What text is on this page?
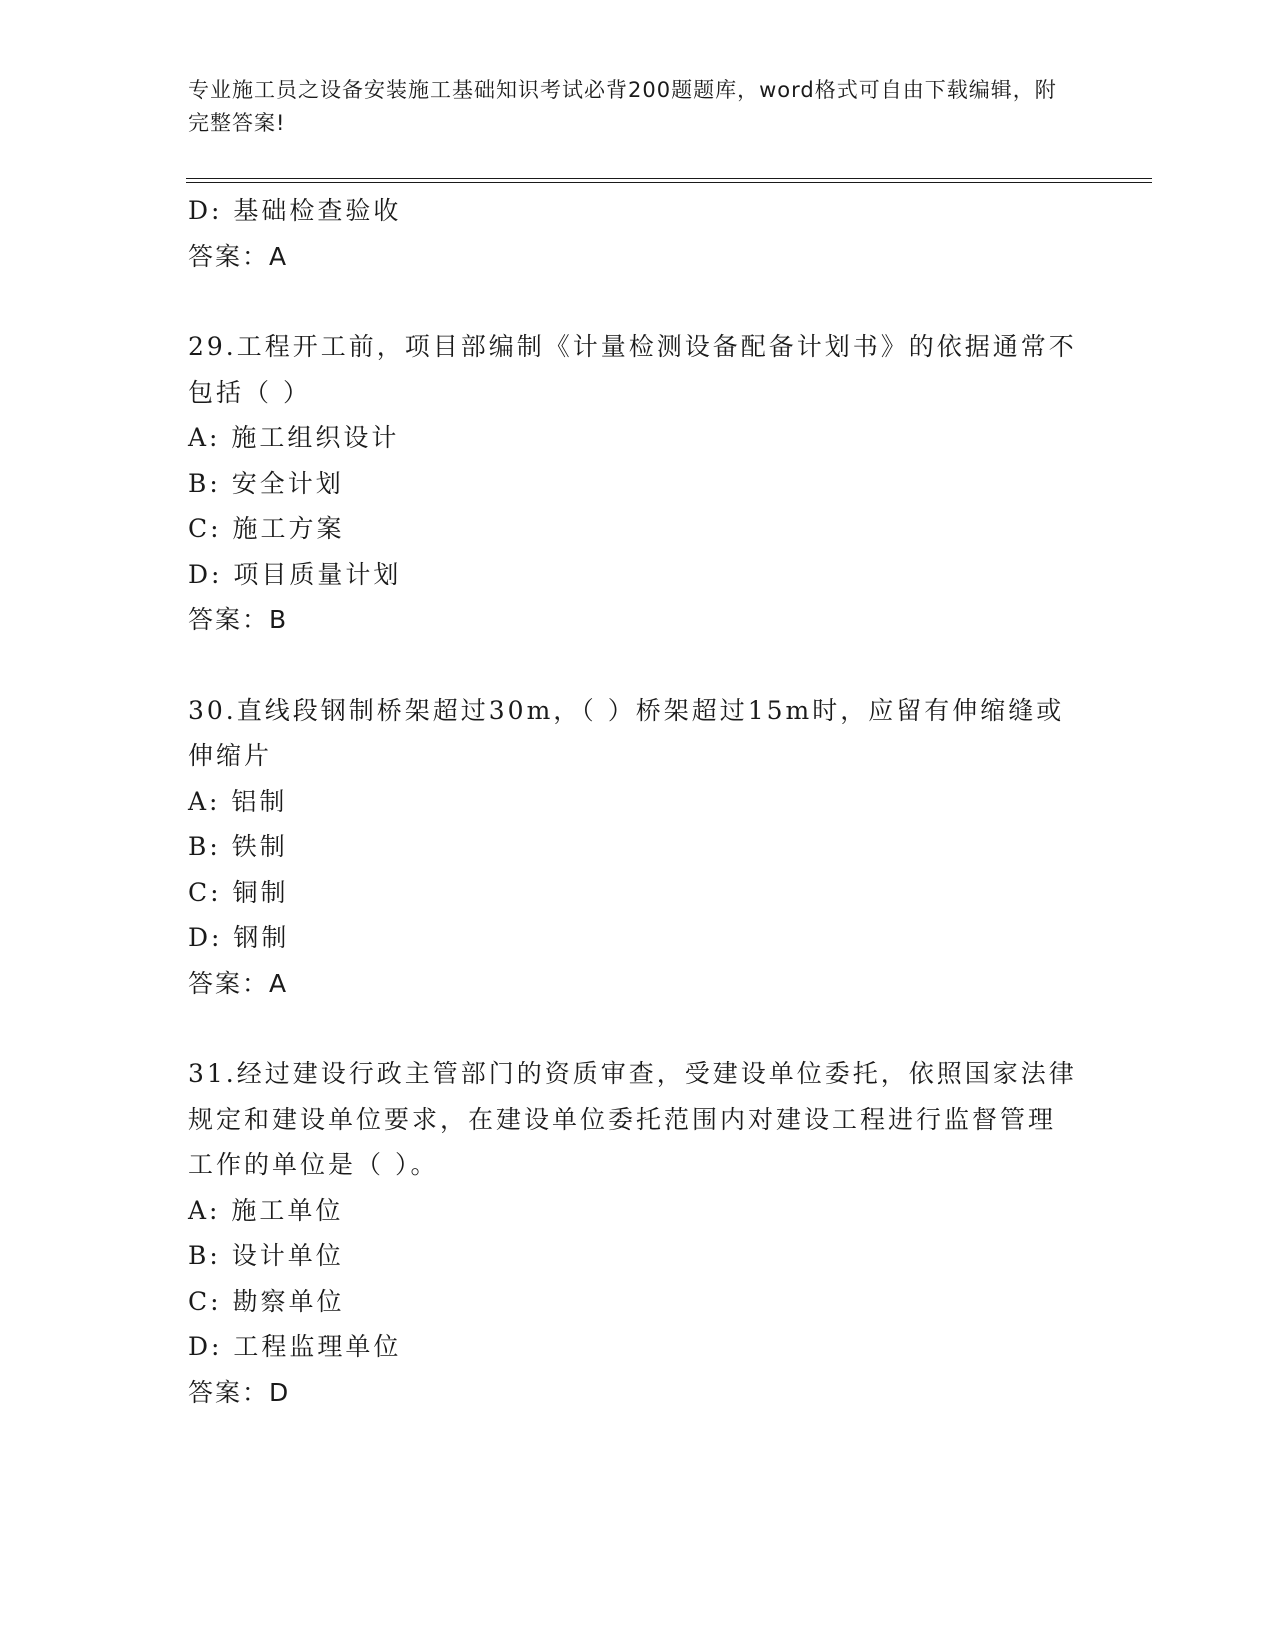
专业施工员之设备安装施工基础知识考试必背200题题库，word格式可自由下载编辑，附完整答案!
D: 基础检查验收
答案：A
29.工程开工前，项目部编制《计量检测设备配备计划书》的依据通常不包括（ ）
A: 施工组织设计
B: 安全计划
C: 施工方案
D: 项目质量计划
答案：B
30.直线段钢制桥架超过30m，（ ）桥架超过15m时，应留有伸缩缝或伸缩片
A: 铝制
B: 铁制
C: 铜制
D: 钢制
答案：A
31.经过建设行政主管部门的资质审查，受建设单位委托，依照国家法律规定和建设单位要求，在建设单位委托范围内对建设工程进行监督管理工作的单位是（ ）。
A: 施工单位
B: 设计单位
C: 勘察单位
D: 工程监理单位
答案：D
